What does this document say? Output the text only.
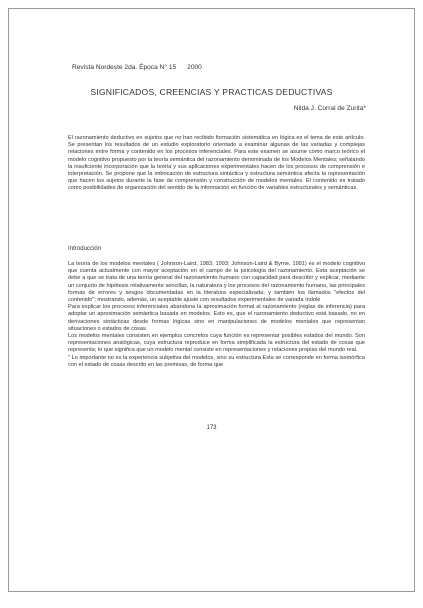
Revista Nordeste 2da. Época N° 15      2000
SIGNIFICADOS, CREENCIAS Y PRACTICAS DEDUCTIVAS
Nilda J. Corral de Zurita*

El razonamiento deductivo en sujetos que no han recibido formación sistemática en lógica es el tema de este artículo. Se presentan los resultados de un estudio exploratorio orientado a examinar algunas de las variadas y complejas relaciones entre forma y contenido en los procesos inferenciales. Para este examen se asume como marco teórico el modelo cognitivo propuesto por la teoría semántica del razonamiento denominada de los Modelos Mentales; señalando la insuficiente incorporación que la teoría y sus aplicaciones experimentales hacen de los procesos de comprensión e interpretación. Se propone que la imbricación de estructura sintáctica y estructura semántica afecta la representación que hacen los sujetos durante la fase de comprensión y construcción de modelos mentales. El contenido es tratado como posibilidades de organización del sentido de la información en función de variables estructurales y semánticas.

Introducción

La teoría de los modelos mentales ( Johnson-Laird, 1983, 1993; Johnson-Laird & Byrne, 1991) es el modelo cognitivo que cuenta actualmente con mayor aceptación en el campo de la psicología del razonamiento. Esta aceptación se debe a que se trata de una teoría general del razonamiento humano con capacidad para describir y explicar, mediante un conjunto de hipótesis relativamente sencillas, la naturaleza y los procesos del razonamiento humano, las principales formas de errores y sesgos documentadas en la literatura especializada; y también los llamados "efectos del contenido"; mostrando, además, un aceptable ajuste con resultados experimentales de variada índole

Para explicar los procesos inferenciales abandona la aproximación formal al razonamiento (reglas de inferencia) para adoptar un aproximación semántica basada en modelos. Esto es, que el razonamiento deductivo está basado, no en derivaciones sintácticas desde formas lógicas sino en manipulaciones de modelos mentales que representan situaciones o estados de cosas.

Los modelos mentales consisten en ejemplos concretos cuya función es representar posibles estados del mundo. Son representaciones analógicas, cuya estructura reproduce en forma simplificada la estructura del estado de cosas que representa; lo que significa que un modelo mental consiste en representaciones y relaciones propias del mundo real.

" Lo importante no es la experiencia subjetiva del modelos, sino su estructura Esta se corresponde en forma isomórfica con el estado de cosas descrito en las premisas, de forma que

173
